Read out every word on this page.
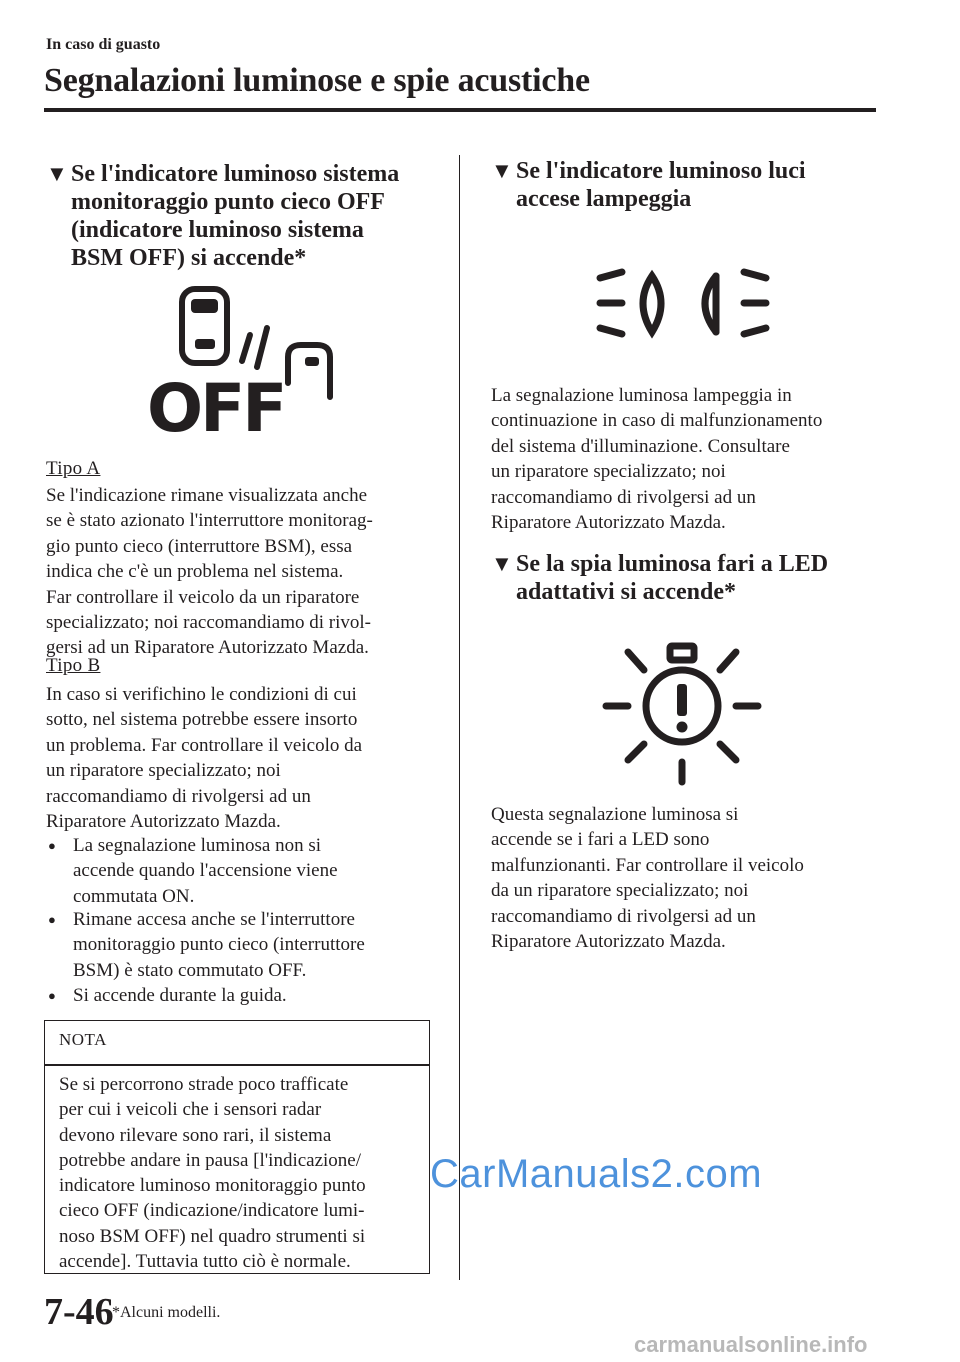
In caso di guasto
Segnalazioni luminose e spie acustiche
▼ Se l'indicatore luminoso sistema
monitoraggio punto cieco OFF
(indicatore luminoso sistema
BSM OFF) si accende*
OFF
Tipo A
Se l'indicazione rimane visualizzata anche
se è stato azionato l'interruttore monitorag-
gio punto cieco (interruttore BSM), essa
indica che c'è un problema nel sistema.
Far controllare il veicolo da un riparatore
specializzato; noi raccomandiamo di rivol-
gersi ad un Riparatore Autorizzato Mazda.
Tipo B
In caso si verifichino le condizioni di cui
sotto, nel sistema potrebbe essere insorto
un problema. Far controllare il veicolo da
un riparatore specializzato; noi
raccomandiamo di rivolgersi ad un
Riparatore Autorizzato Mazda.
● La segnalazione luminosa non si
accende quando l'accensione viene
commutata ON.
● Rimane accesa anche se l'interruttore
monitoraggio punto cieco (interruttore
BSM) è stato commutato OFF.
● Si accende durante la guida.
NOTA
Se si percorrono strade poco trafficate
per cui i veicoli che i sensori radar
devono rilevare sono rari, il sistema
potrebbe andare in pausa [l'indicazione/
indicatore luminoso monitoraggio punto
cieco OFF (indicazione/indicatore lumi-
noso BSM OFF) nel quadro strumenti si
accende]. Tuttavia tutto ciò è normale.
▼ Se l'indicatore luminoso luci
accese lampeggia
La segnalazione luminosa lampeggia in
continuazione in caso di malfunzionamento
del sistema d'illuminazione. Consultare
un riparatore specializzato; noi
raccomandiamo di rivolgersi ad un
Riparatore Autorizzato Mazda.
▼ Se la spia luminosa fari a LED
adattativi si accende*
Questa segnalazione luminosa si
accende se i fari a LED sono
malfunzionanti. Far controllare il veicolo
da un riparatore specializzato; noi
raccomandiamo di rivolgersi ad un
Riparatore Autorizzato Mazda.
7-46
*Alcuni modelli.
CarManuals2.com
carmanualsonline.info
